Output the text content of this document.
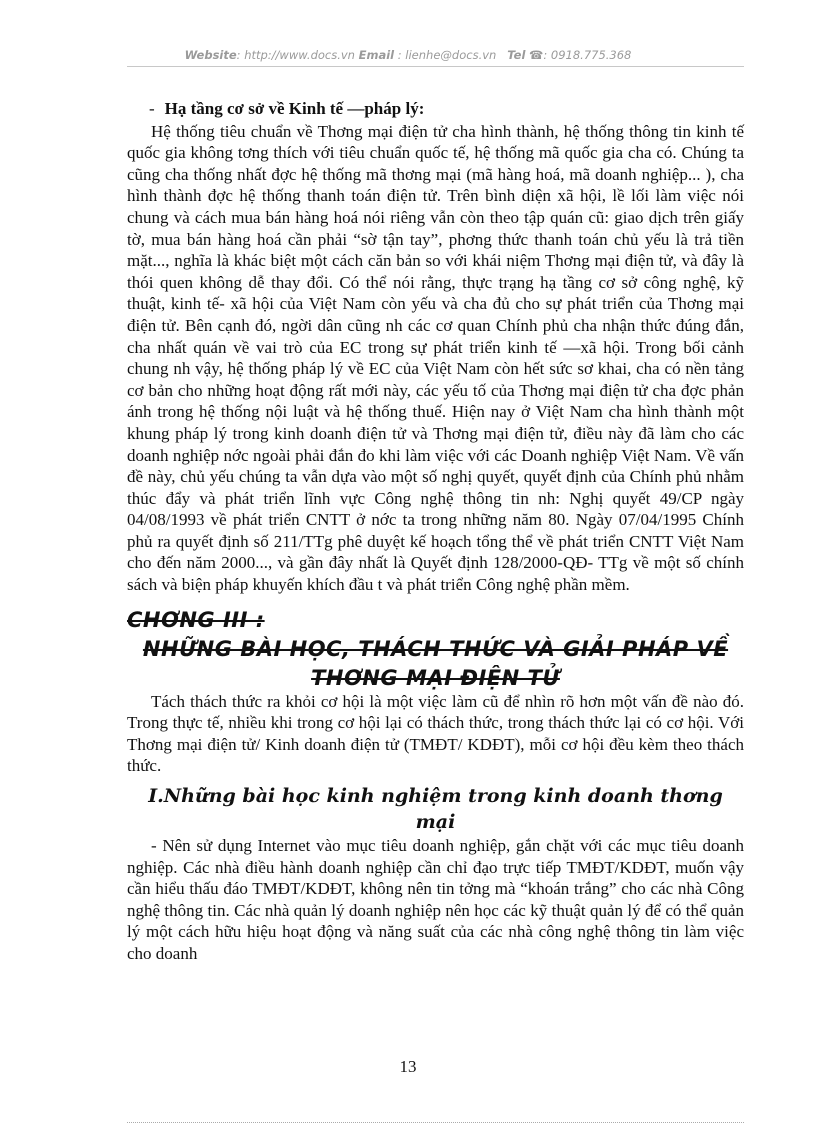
Website: http://www.docs.vn Email : lienhe@docs.vn Tel ☎: 0918.775.368

- Hạ tầng cơ sở về Kinh tế —pháp lý:

Hệ thống tiêu chuẩn về Thơng mại điện tử cha hình thành, hệ thống thông tin kinh tế quốc gia không tơng thích với tiêu chuẩn quốc tế, hệ thống mã quốc gia cha có. Chúng ta cũng cha thống nhất đợc hệ thống mã thơng mại (mã hàng hoá, mã doanh nghiệp... ), cha hình thành đợc hệ thống thanh toán điện tử. Trên bình diện xã hội, lề lối làm việc nói chung và cách mua bán hàng hoá nói riêng vẫn còn theo tập quán cũ: giao dịch trên giấy tờ, mua bán hàng hoá cần phải “sờ tận tay”, phơng thức thanh toán chủ yếu là trả tiền mặt..., nghĩa là khác biệt một cách căn bản so với khái niệm Thơng mại điện tử, và đây là thói quen không dễ thay đổi. Có thể nói rằng, thực trạng hạ tầng cơ sở công nghệ, kỹ thuật, kinh tế- xã hội của Việt Nam còn yếu và cha đủ cho sự phát triển của Thơng mại điện tử. Bên cạnh đó, ngời dân cũng nh các cơ quan Chính phủ cha nhận thức đúng đắn, cha nhất quán về vai trò của EC trong sự phát triển kinh tế —xã hội. Trong bối cảnh chung nh vậy, hệ thống pháp lý về EC của Việt Nam còn hết sức sơ khai, cha có nền tảng cơ bản cho những hoạt động rất mới này, các yếu tố của Thơng mại điện tử cha đợc phản ánh trong hệ thống nội luật và hệ thống thuế. Hiện nay ở Việt Nam cha hình thành một khung pháp lý trong kinh doanh điện tử và Thơng mại điện tử, điều này đã làm cho các doanh nghiệp nớc ngoài phải đắn đo khi làm việc với các Doanh nghiệp Việt Nam. Về vấn đề này, chủ yếu chúng ta vẫn dựa vào một số nghị quyết, quyết định của Chính phủ nhằm thúc đẩy và phát triển lĩnh vực Công nghệ thông tin nh: Nghị quyết 49/CP ngày 04/08/1993 về phát triển CNTT ở nớc ta trong những năm 80. Ngày 07/04/1995 Chính phủ ra quyết định số 211/TTg phê duyệt kế hoạch tổng thể về phát triển CNTT Việt Nam cho đến năm 2000..., và gần đây nhất là Quyết định 128/2000-QĐ- TTg về một số chính sách và biện pháp khuyến khích đầu t và phát triển Công nghệ phần mềm.

CHƠNG III :
NHỮNG BÀI HỌC, THÁCH THỨC VÀ GIẢI PHÁP VỀ
THƠNG MẠI ĐIỆN TỬ

Tách thách thức ra khỏi cơ hội là một việc làm cũ để nhìn rõ hơn một vấn đề nào đó. Trong thực tế, nhiều khi trong cơ hội lại có thách thức, trong thách thức lại có cơ hội. Với Thơng mại điện tử/ Kinh doanh điện tử (TMĐT/ KDĐT), mỗi cơ hội đều kèm theo thách thức.

I.Những bài học kinh nghiệm trong kinh doanh thơng
mại

- Nên sử dụng Internet vào mục tiêu doanh nghiệp, gắn chặt với các mục tiêu doanh nghiệp. Các nhà điều hành doanh nghiệp cần chỉ đạo trực tiếp TMĐT/KDĐT, muốn vậy cần hiểu thấu đáo TMĐT/KDĐT, không nên tin tởng mà “khoán trắng” cho các nhà Công nghệ thông tin. Các nhà quản lý doanh nghiệp nên học các kỹ thuật quản lý để có thể quản lý một cách hữu hiệu hoạt động và năng suất của các nhà công nghệ thông tin làm việc cho doanh

13
